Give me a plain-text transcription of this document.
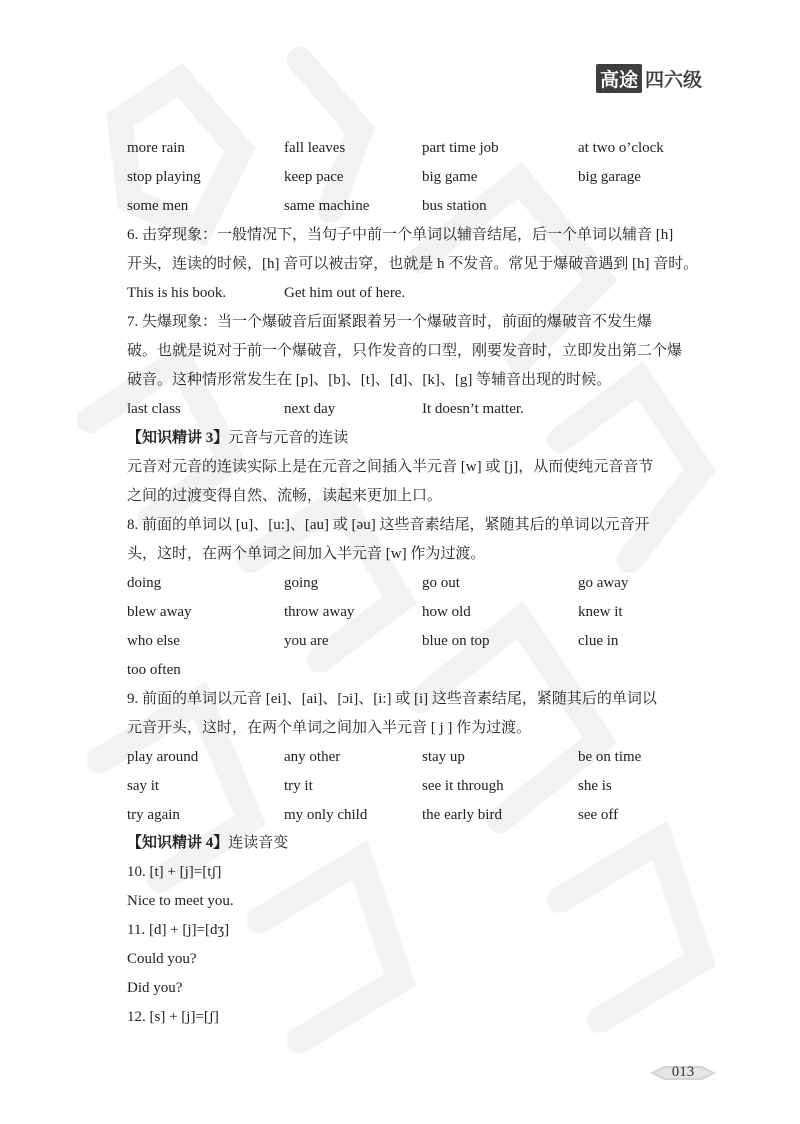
高途 四六级
more rain	fall leaves	part time job	at two o’clock
stop playing	keep pace	big game	big garage
some men	same machine	bus station
6. 击穿现象：一般情况下，当句子中前一个单词以辅音结尾，后一个单词以辅音 [h]
开头，连读的时候，[h] 音可以被击穿，也就是 h 不发音。常见于爆破音遇到 [h] 音时。
This is his book.	Get him out of here.
7. 失爆现象：当一个爆破音后面紧跟着另一个爆破音时，前面的爆破音不发生爆
破。也就是说对于前一个爆破音，只作发音的口型，刚要发音时，立即发出第二个爆
破音。这种情形常发生在 [p]、[b]、[t]、[d]、[k]、[g] 等辅音出现的时候。
last class	next day	It doesn’t matter.
【知识精讲 3】元音与元音的连读
元音对元音的连读实际上是在元音之间插入半元音 [w] 或 [j]，从而使纯元音音节
之间的过渡变得自然、流畅，读起来更加上口。
8. 前面的单词以 [u]、[u:]、[au] 或 [əu] 这些音素结尾，紧随其后的单词以元音开
头，这时，在两个单词之间加入半元音 [w] 作为过渡。
doing	going	go out	go away
blew away	throw away	how old	knew it
who else	you are	blue on top	clue in
too often
9. 前面的单词以元音 [ei]、[ai]、[ɔi]、[i:] 或 [i] 这些音素结尾，紧随其后的单词以
元音开头，这时，在两个单词之间加入半元音 [ j ] 作为过渡。
play around	any other	stay up	be on time
say it	try it	see it through	she is
try again	my only child	the early bird	see off
【知识精讲 4】连读音变
10. [t] + [j]=[tʃ]
Nice to meet you.
11. [d] + [j]=[dʒ]
Could you?
Did you?
12. [s] + [j]=[ʃ]
013
